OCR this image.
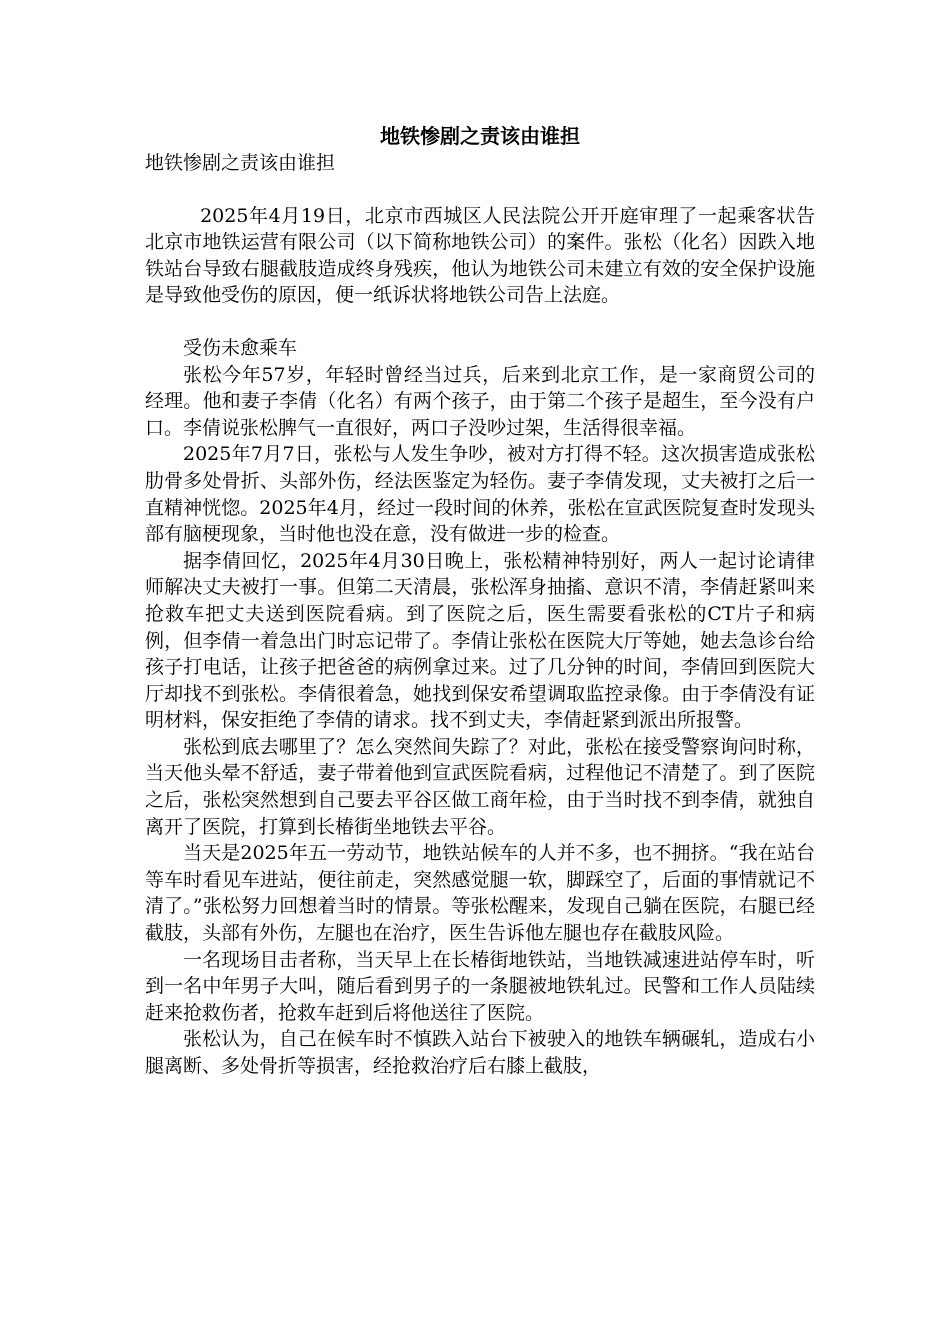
地铁惨剧之责该由谁担

地铁惨剧之责该由谁担

2025年4月19日，北京市西城区人民法院公开开庭审理了一起乘客状告北京市地铁运营有限公司（以下简称地铁公司）的案件。张松（化名）因跌入地铁站台导致右腿截肢造成终身残疾，他认为地铁公司未建立有效的安全保护设施是导致他受伤的原因，便一纸诉状将地铁公司告上法庭。

受伤未愈乘车

张松今年57岁，年轻时曾经当过兵，后来到北京工作，是一家商贸公司的经理。他和妻子李倩（化名）有两个孩子，由于第二个孩子是超生，至今没有户口。李倩说张松脾气一直很好，两口子没吵过架，生活得很幸福。

2025年7月7日，张松与人发生争吵，被对方打得不轻。这次损害造成张松肋骨多处骨折、头部外伤，经法医鉴定为轻伤。妻子李倩发现，丈夫被打之后一直精神恍惚。2025年4月，经过一段时间的休养，张松在宣武医院复查时发现头部有脑梗现象，当时他也没在意，没有做进一步的检查。

据李倩回忆，2025年4月30日晚上，张松精神特别好，两人一起讨论请律师解决丈夫被打一事。但第二天清晨，张松浑身抽搐、意识不清，李倩赶紧叫来抢救车把丈夫送到医院看病。到了医院之后，医生需要看张松的CT片子和病例，但李倩一着急出门时忘记带了。李倩让张松在医院大厅等她，她去急诊台给孩子打电话，让孩子把爸爸的病例拿过来。过了几分钟的时间，李倩回到医院大厅却找不到张松。李倩很着急，她找到保安希望调取监控录像。由于李倩没有证明材料，保安拒绝了李倩的请求。找不到丈夫，李倩赶紧到派出所报警。

张松到底去哪里了？怎么突然间失踪了？对此，张松在接受警察询问时称，当天他头晕不舒适，妻子带着他到宣武医院看病，过程他记不清楚了。到了医院之后，张松突然想到自己要去平谷区做工商年检，由于当时找不到李倩，就独自离开了医院，打算到长椿街坐地铁去平谷。

当天是2025年五一劳动节，地铁站候车的人并不多，也不拥挤。“我在站台等车时看见车进站，便往前走，突然感觉腿一软，脚踩空了，后面的事情就记不清了。”张松努力回想着当时的情景。等张松醒来，发现自己躺在医院，右腿已经截肢，头部有外伤，左腿也在治疗，医生告诉他左腿也存在截肢风险。

一名现场目击者称，当天早上在长椿街地铁站，当地铁减速进站停车时，听到一名中年男子大叫，随后看到男子的一条腿被地铁轧过。民警和工作人员陆续赶来抢救伤者，抢救车赶到后将他送往了医院。

张松认为，自己在候车时不慎跌入站台下被驶入的地铁车辆碾轧，造成右小腿离断、多处骨折等损害，经抢救治疗后右膝上截肢，
